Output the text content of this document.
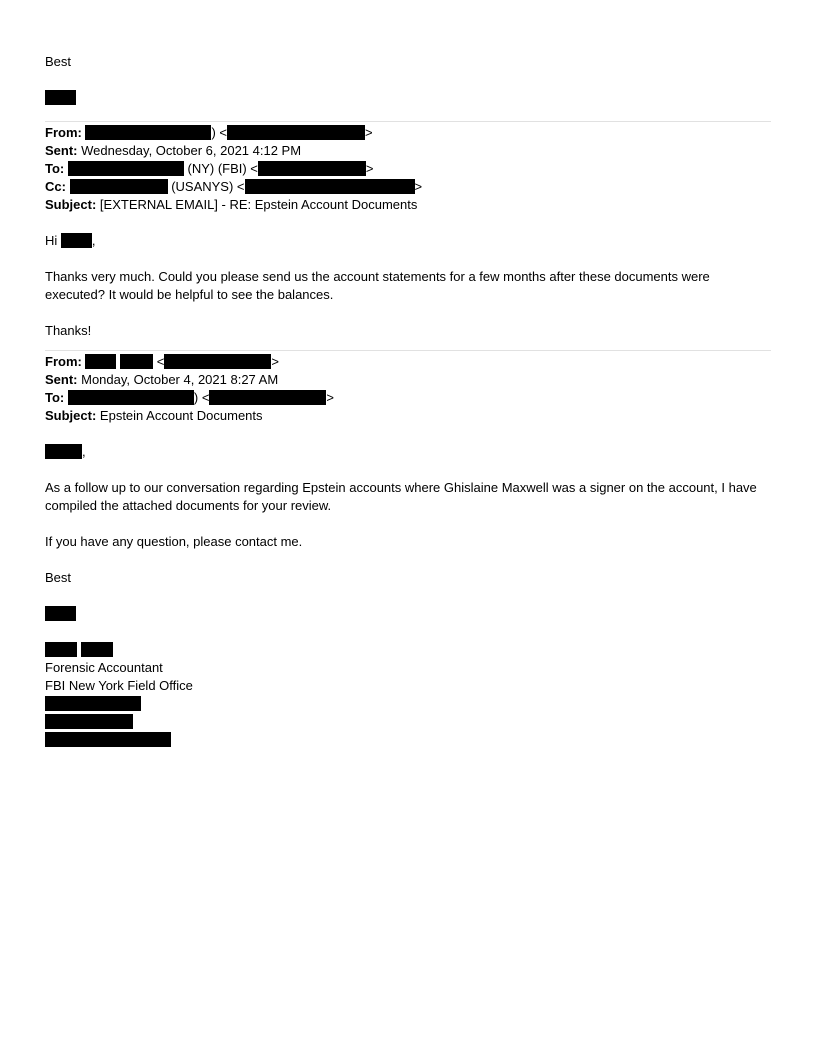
Best
From:	) <	>
Sent: Wednesday, October 6, 2021 4:12 PM
To:	(NY) (FBI) <	>
Cc:	(USANYS) <	>
Subject: [EXTERNAL EMAIL] - RE: Epstein Account Documents
Hi ,
Thanks very much. Could you please send us the account statements for a few months after these documents were executed? It would be helpful to see the balances.
Thanks!
From:	<	>
Sent: Monday, October 4, 2021 8:27 AM
To:	) <	>
Subject: Epstein Account Documents
,
As a follow up to our conversation regarding Epstein accounts where Ghislaine Maxwell was a signer on the account, I have compiled the attached documents for your review.
If you have any question, please contact me.
Best

Forensic Accountant
FBI New York Field Office
